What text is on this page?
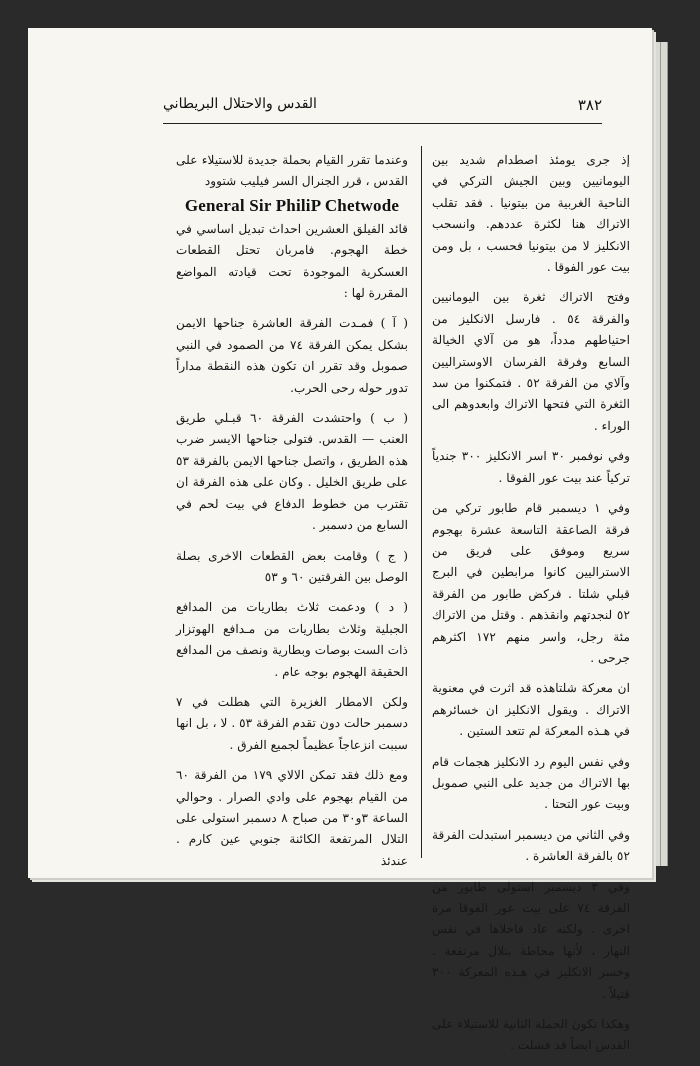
٣٨٢
القدس والاحتلال البريطاني

إذ جرى يومئذ اصطدام شديد بين اليومانيين وبين الجيش التركي في الناحية الغربية من بيتونيا . فقد تقلب الاتراك هنا لكثرة عددهم. وانسحب الانكليز لا من بيتونيا فحسب ، بل ومن بيت عور الفوقا .

وفتح الاتراك ثغرة بين اليومانيين والفرقة ٥٤ . فارسل الانكليز من احتياطهم مدداً، هو من آلاي الخيالة السابع وفرقة الفرسان الاوستراليين وآلاي من الفرقة ٥٢ . فتمكنوا من سد الثغرة التي فتحها الاتراك وابعدوهم الى الوراء .

وفي نوفمبر ٣٠ اسر الانكليز ٣٠٠ جندياً تركياً عند بيت عور الفوقا .

وفي ١ ديسمبر قام طابور تركي من فرقة الصاعقة التاسعة عشرة بهجوم سريع وموفق على فريق من الاستراليين كانوا مرابطين في البرج قبلي شلتا . فركض طابور من الفرقة ٥٢ لنجدتهم وانقذهم . وقتل من الاتراك مئة رجل، واسر منهم ١٧٢ اكثرهم جرحى .

ان معركة شلتاهذه قد اثرت في معنوية الاتراك . ويقول الانكليز ان خسائرهم في هـذه المعركة لم تتعد الستين .

وفي نفس اليوم رد الانكليز هجمات قام بها الاتراك من جديد على النبي صموبل وبيت عور التحتا .

وفي الثاني من ديسمبر استبدلت الفرقة ٥٢ بالفرقة العاشرة .

وفي ٣ ديسمبر استولى طابور من الفرقة ٧٤ على بيت عور الفوقا مرة اخرى . ولكنه عاد فاخلاها في نفس النهار ، لأنها محاطة بتلال مرتفعة . وخسر الانكليز في هـذه المعركة ٣٠٠ قتيلاً .

وهكذا تكون الحملة الثانية للاستيلاء على القدس ايضاً قد فشلت .

وعندما تقرر القيام بحملة جديدة للاستيلاء على القدس ، قرر الجنرال السر فيليب شتوود

General Sir PhiliP Chetwode

قائد الفيلق العشرين احداث تبديل اساسي في خطة الهجوم. فامربان تحتل القطعات العسكرية الموجودة تحت قيادته المواضع المقررة لها :

( آ ) فمـدت الفرقة العاشرة جناحها الايمن بشكل يمكن الفرقة ٧٤ من الصمود في النبي صموبل وقد تقرر ان تكون هذه النقطة مداراً تدور حوله رحى الحرب.

( ب ) واحتشدت الفرقة ٦٠ قبـلي طريق العنب — القدس. فتولى جناحها الايسر ضرب هذه الطريق ، واتصل جناحها الايمن بالفرقة ٥٣ على طريق الخليل . وكان على هذه الفرقة ان تقترب من خطوط الدفاع في بيت لحم في السابع من دسمبر .

( ج ) وقامت بعض القطعات الاخرى بصلة الوصل بين الفرقتين ٦٠ و ٥٣

( د ) ودعمت ثلاث بطاريات من المدافع الجبلية وثلاث بطاريات من مـدافع الهوتزار ذات الست بوصات وبطارية ونصف من المدافع الحقيقة الهجوم بوجه عام .

ولكن الامطار الغزيرة التي هطلت في ٧ دسمبر حالت دون تقدم الفرقة ٥٣ . لا ، بل انها سببت انزعاجاً عظيماً لجميع الفرق .

ومع ذلك فقد تمكن الالاي ١٧٩ من الفرقة ٦٠ من القيام بهجوم على وادي الصرار . وحوالي الساعة ٣و٣٠ من صباح ٨ دسمبر استولى على التلال المرتفعة الكائنة جنوبي عين كارم . عندئذ
